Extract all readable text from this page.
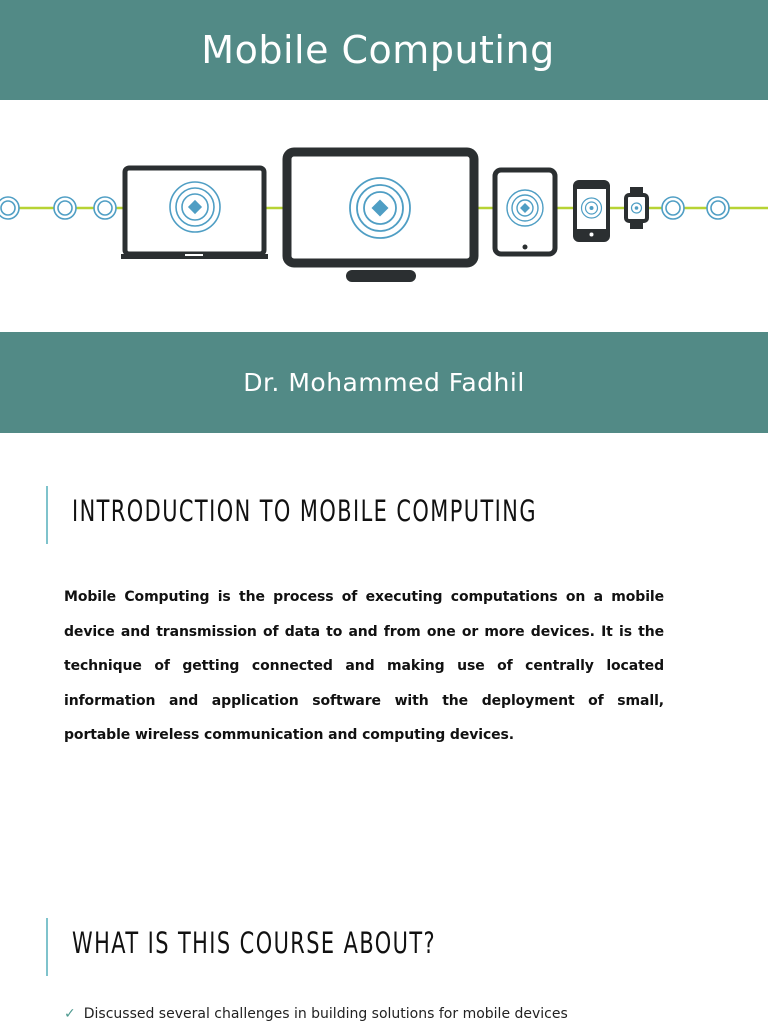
Mobile Computing
Dr. Mohammed Fadhil
INTRODUCTION TO MOBILE COMPUTING

Mobile Computing is the process of executing computations on a mobile device and transmission of data to and from one or more devices. It is the technique of getting connected and making use of centrally located information and application software with the deployment of small, portable wireless communication and computing devices.

WHAT IS THIS COURSE ABOUT?
✓ Discussed several challenges in building solutions for mobile devices
